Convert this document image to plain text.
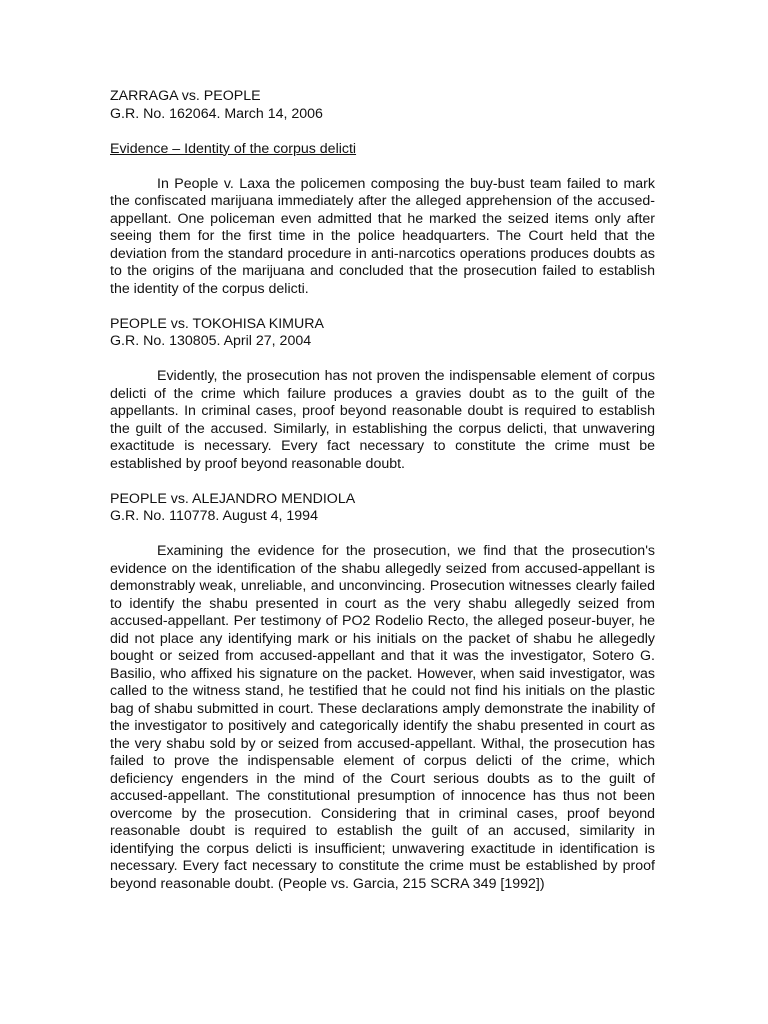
ZARRAGA vs. PEOPLE

G.R. No. 162064. March 14, 2006

Evidence – Identity of the corpus delicti

In People v. Laxa the policemen composing the buy-bust team failed to mark the confiscated marijuana immediately after the alleged apprehension of the accused-appellant. One policeman even admitted that he marked the seized items only after seeing them for the first time in the police headquarters. The Court held that the deviation from the standard procedure in anti-narcotics operations produces doubts as to the origins of the marijuana and concluded that the prosecution failed to establish the identity of the corpus delicti.

PEOPLE vs. TOKOHISA KIMURA

G.R. No. 130805. April 27, 2004

Evidently, the prosecution has not proven the indispensable element of corpus delicti of the crime which failure produces a gravies doubt as to the guilt of the appellants. In criminal cases, proof beyond reasonable doubt is required to establish the guilt of the accused. Similarly, in establishing the corpus delicti, that unwavering exactitude is necessary. Every fact necessary to constitute the crime must be established by proof beyond reasonable doubt.

PEOPLE vs. ALEJANDRO MENDIOLA

G.R. No. 110778. August 4, 1994

Examining the evidence for the prosecution, we find that the prosecution's evidence on the identification of the shabu allegedly seized from accused-appellant is demonstrably weak, unreliable, and unconvincing. Prosecution witnesses clearly failed to identify the shabu presented in court as the very shabu allegedly seized from accused-appellant. Per testimony of PO2 Rodelio Recto, the alleged poseur-buyer, he did not place any identifying mark or his initials on the packet of shabu he allegedly bought or seized from accused-appellant and that it was the investigator, Sotero G. Basilio, who affixed his signature on the packet. However, when said investigator, was called to the witness stand, he testified that he could not find his initials on the plastic bag of shabu submitted in court. These declarations amply demonstrate the inability of the investigator to positively and categorically identify the shabu presented in court as the very shabu sold by or seized from accused-appellant. Withal, the prosecution has failed to prove the indispensable element of corpus delicti of the crime, which deficiency engenders in the mind of the Court serious doubts as to the guilt of accused-appellant. The constitutional presumption of innocence has thus not been overcome by the prosecution. Considering that in criminal cases, proof beyond reasonable doubt is required to establish the guilt of an accused, similarity in identifying the corpus delicti is insufficient; unwavering exactitude in identification is necessary. Every fact necessary to constitute the crime must be established by proof beyond reasonable doubt. (People vs. Garcia, 215 SCRA 349 [1992])
